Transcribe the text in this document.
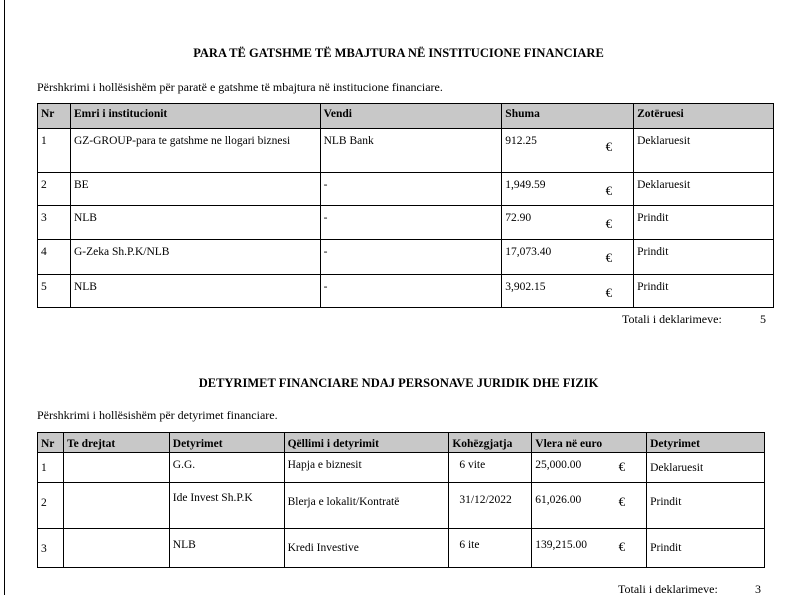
PARA TË GATSHME TË MBAJTURA NË INSTITUCIONE FINANCIARE
Përshkrimi i hollësishëm për paratë e gatshme të mbajtura në institucione financiare.
Nr	Emri i institucionit	Vendi	Shuma	Zotëruesi
1	GZ-GROUP-para te gatshme ne llogari biznesi	NLB Bank	912.25 €	Deklaruesit
2	BE	-	1,949.59 €	Deklaruesit
3	NLB	-	72.90 €	Prindit
4	G-Zeka Sh.P.K/NLB	-	17,073.40 €	Prindit
5	NLB	-	3,902.15 €	Prindit
Totali i deklarimeve:	5
DETYRIMET FINANCIARE NDAJ PERSONAVE JURIDIK DHE FIZIK
Përshkrimi i hollësishëm për detyrimet financiare.
Nr	Te drejtat	Detyrimet	Qëllimi i detyrimit	Kohëzgjatja	Vlera në euro	Detyrimet
1		G.G.	Hapja e biznesit	6 vite	25,000.00 €	Deklaruesit
2		Ide Invest Sh.P.K	Blerja e lokalit/Kontratë	31/12/2022	61,026.00 €	Prindit
3		NLB	Kredi Investive	6 ite	139,215.00 €	Prindit
Totali i deklarimeve:	3
